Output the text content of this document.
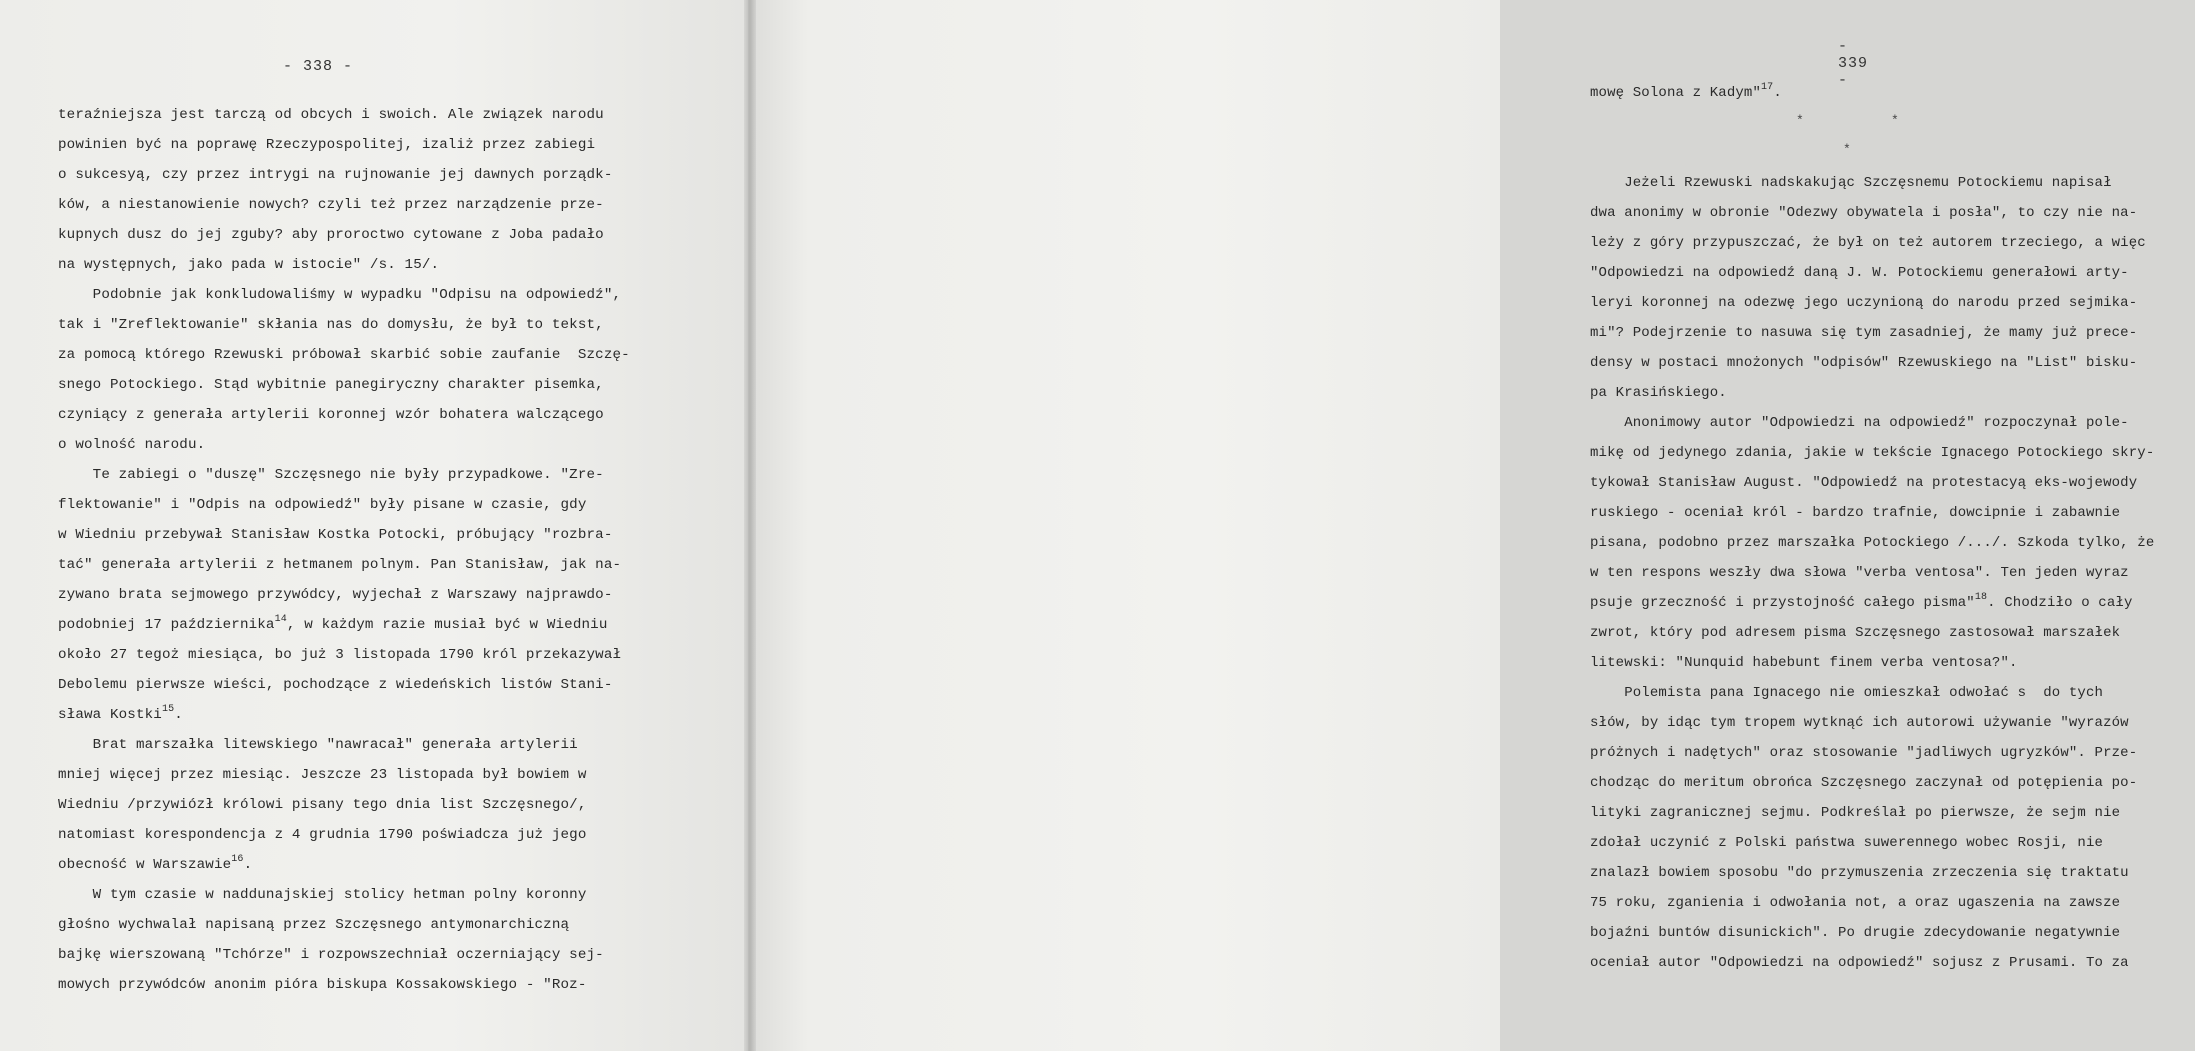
- 338 -
teraźniejsza jest tarczą od obcych i swoich. Ale związek narodu
powinien być na poprawę Rzeczypospolitej, izaliż przez zabiegi
o sukcesyą, czy przez intrygi na rujnowanie jej dawnych porządk-
ków, a niestanowienie nowych? czyli też przez narządzenie prze-
kupnych dusz do jej zguby? aby proroctwo cytowane z Joba padało
na występnych, jako pada w istocie" /s. 15/.
Podobnie jak konkludowaliśmy w wypadku "Odpisu na odpowiedź",
tak i "Zreflektowanie" skłania nas do domysłu, że był to tekst,
za pomocą którego Rzewuski próbował skarbić sobie zaufanie  Szczę-
snego Potockiego. Stąd wybitnie panegiryczny charakter pisemka,
czyniący z generała artylerii koronnej wzór bohatera walczącego
o wolność narodu.
Te zabiegi o "duszę" Szczęsnego nie były przypadkowe. "Zre-
flektowanie" i "Odpis na odpowiedź" były pisane w czasie, gdy
w Wiedniu przebywał Stanisław Kostka Potocki, próbujący "rozbra-
tać" generała artylerii z hetmanem polnym. Pan Stanisław, jak na-
zywano brata sejmowego przywódcy, wyjechał z Warszawy najprawdo-
podobniej 17 października$^{14}$, w każdym razie musiał być w Wiedniu
około 27 tegoż miesiąca, bo już 3 listopada 1790 król przekazywał
Debolemu pierwsze wieści, pochodzące z wiedeńskich listów Stani-
sława Kostki$^{15}$.
Brat marszałka litewskiego "nawracał" generała artylerii
mniej więcej przez miesiąc. Jeszcze 23 listopada był bowiem w
Wiedniu /przywiózł królowi pisany tego dnia list Szczęsnego/,
natomiast korespondencja z 4 grudnia 1790 poświadcza już jego
obecność w Warszawie$^{16}$.
W tym czasie w naddunajskiej stolicy hetman polny koronny
głośno wychwalał napisaną przez Szczęsnego antymonarchiczną
bajkę wierszowaną "Tchórze" i rozpowszechniał oczerniający sej-
mowych przywódców anonim pióra biskupa Kossakowskiego - "Roz-
- 339 -
mowę Solona z Kadym"$^{17}$.
Jeżeli Rzewuski nadskakując Szczęsnemu Potockiemu napisał
dwa anonimy w obronie "Odezwy obywatela i posła", to czy nie na-
leży z góry przypuszczać, że był on też autorem trzeciego, a więc
"Odpowiedzi na odpowiedź daną J. W. Potockiemu generałowi arty-
leryi koronnej na odezwę jego uczynioną do narodu przed sejmika-
mi"? Podejrzenie to nasuwa się tym zasadniej, że mamy już prece-
densy w postaci mnożonych "odpisów" Rzewuskiego na "List" bisku-
pa Krasińskiego.
Anonimowy autor "Odpowiedzi na odpowiedź" rozpoczynał pole-
mikę od jedynego zdania, jakie w tekście Ignacego Potockiego skry-
tykował Stanisław August. "Odpowiedź na protestacyą eks-wojewody
ruskiego - oceniał król - bardzo trafnie, dowcipnie i zabawnie
pisana, podobno przez marszałka Potockiego /.../. Szkoda tylko, że
w ten respons weszły dwa słowa "verba ventosa". Ten jeden wyraz
psuje grzeczność i przystojność całego pisma"$^{18}$. Chodziło o cały
zwrot, który pod adresem pisma Szczęsnego zastosował marszałek
litewski: "Nunquid habebunt finem verba ventosa?".
Polemista pana Ignacego nie omieszkał odwołać s  do tych
słów, by idąc tym tropem wytknąć ich autorowi używanie "wyrazów
próżnych i nadętych" oraz stosowanie "jadliwych ugryzków". Prze-
chodząc do meritum obrońca Szczęsnego zaczynał od potępienia po-
lityki zagranicznej sejmu. Podkreślał po pierwsze, że sejm nie
zdołał uczynić z Polski państwa suwerennego wobec Rosji, nie
znalazł bowiem sposobu "do przymuszenia zrzeczenia się traktatu
75 roku, zganienia i odwołania not, a oraz ugaszenia na zawsze
bojaźni buntów disunickich". Po drugie zdecydowanie negatywnie
oceniał autor "Odpowiedzi na odpowiedź" sojusz z Prusami. To za
*	*
*
